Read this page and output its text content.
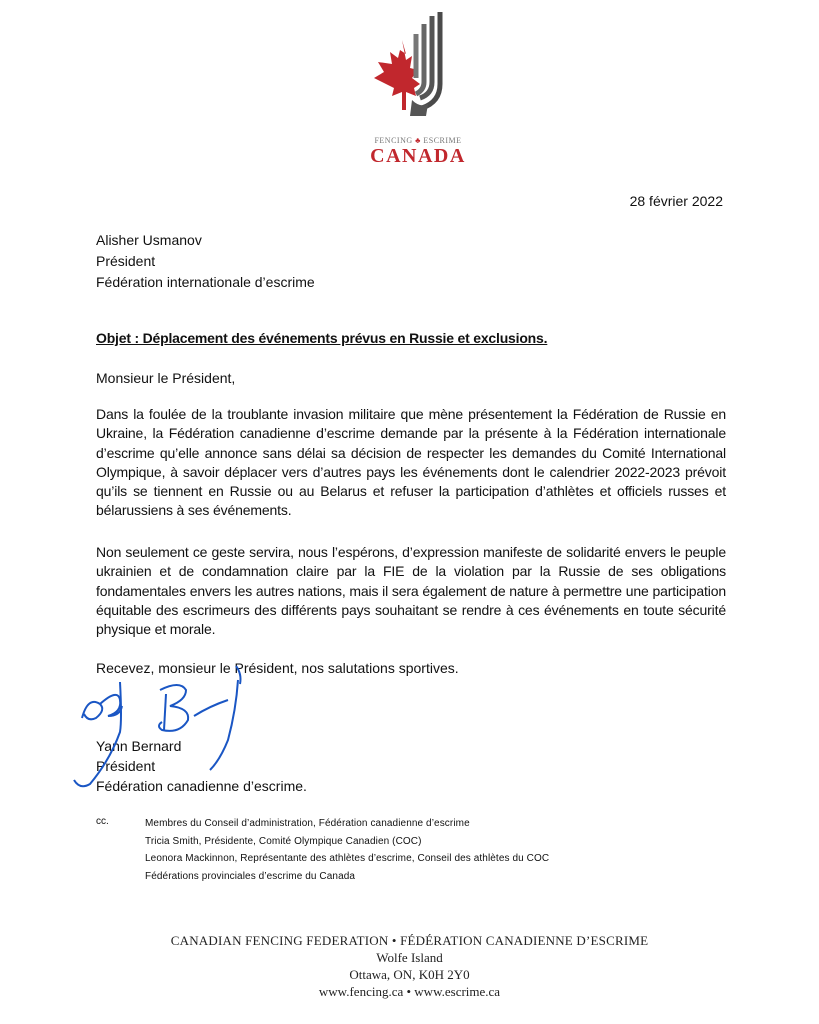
FENCING ♣ ESCRIME
CANADA
28 février 2022
Alisher Usmanov
Président
Fédération internationale d’escrime
Objet : Déplacement des événements prévus en Russie et exclusions.
Monsieur le Président,
Dans la foulée de la troublante invasion militaire que mène présentement la Fédération de Russie en Ukraine, la Fédération canadienne d’escrime demande par la présente à la Fédération internationale d’escrime qu’elle annonce sans délai sa décision de respecter les demandes du Comité International Olympique, à savoir déplacer vers d’autres pays les événements dont le calendrier 2022-2023 prévoit qu’ils se tiennent en Russie ou au Belarus et refuser la participation d’athlètes et officiels russes et bélarussiens à ses événements.
Non seulement ce geste servira, nous l’espérons, d’expression manifeste de solidarité envers le peuple ukrainien et de condamnation claire par la FIE de la violation par la Russie de ses obligations fondamentales envers les autres nations, mais il sera également de nature à permettre une participation équitable des escrimeurs des différents pays souhaitant se rendre à ces événements en toute sécurité physique et morale.
Recevez, monsieur le Président, nos salutations sportives.
Yann Bernard
Président
Fédération canadienne d’escrime.
cc.	Membres du Conseil d’administration, Fédération canadienne d’escrime
Tricia Smith, Présidente, Comité Olympique Canadien (COC)
Leonora Mackinnon, Représentante des athlètes d’escrime, Conseil des athlètes du COC
Fédérations provinciales d’escrime du Canada
CANADIAN FENCING FEDERATION • FÉDÉRATION CANADIENNE D’ESCRIME
Wolfe Island
Ottawa, ON, K0H 2Y0
www.fencing.ca • www.escrime.ca
